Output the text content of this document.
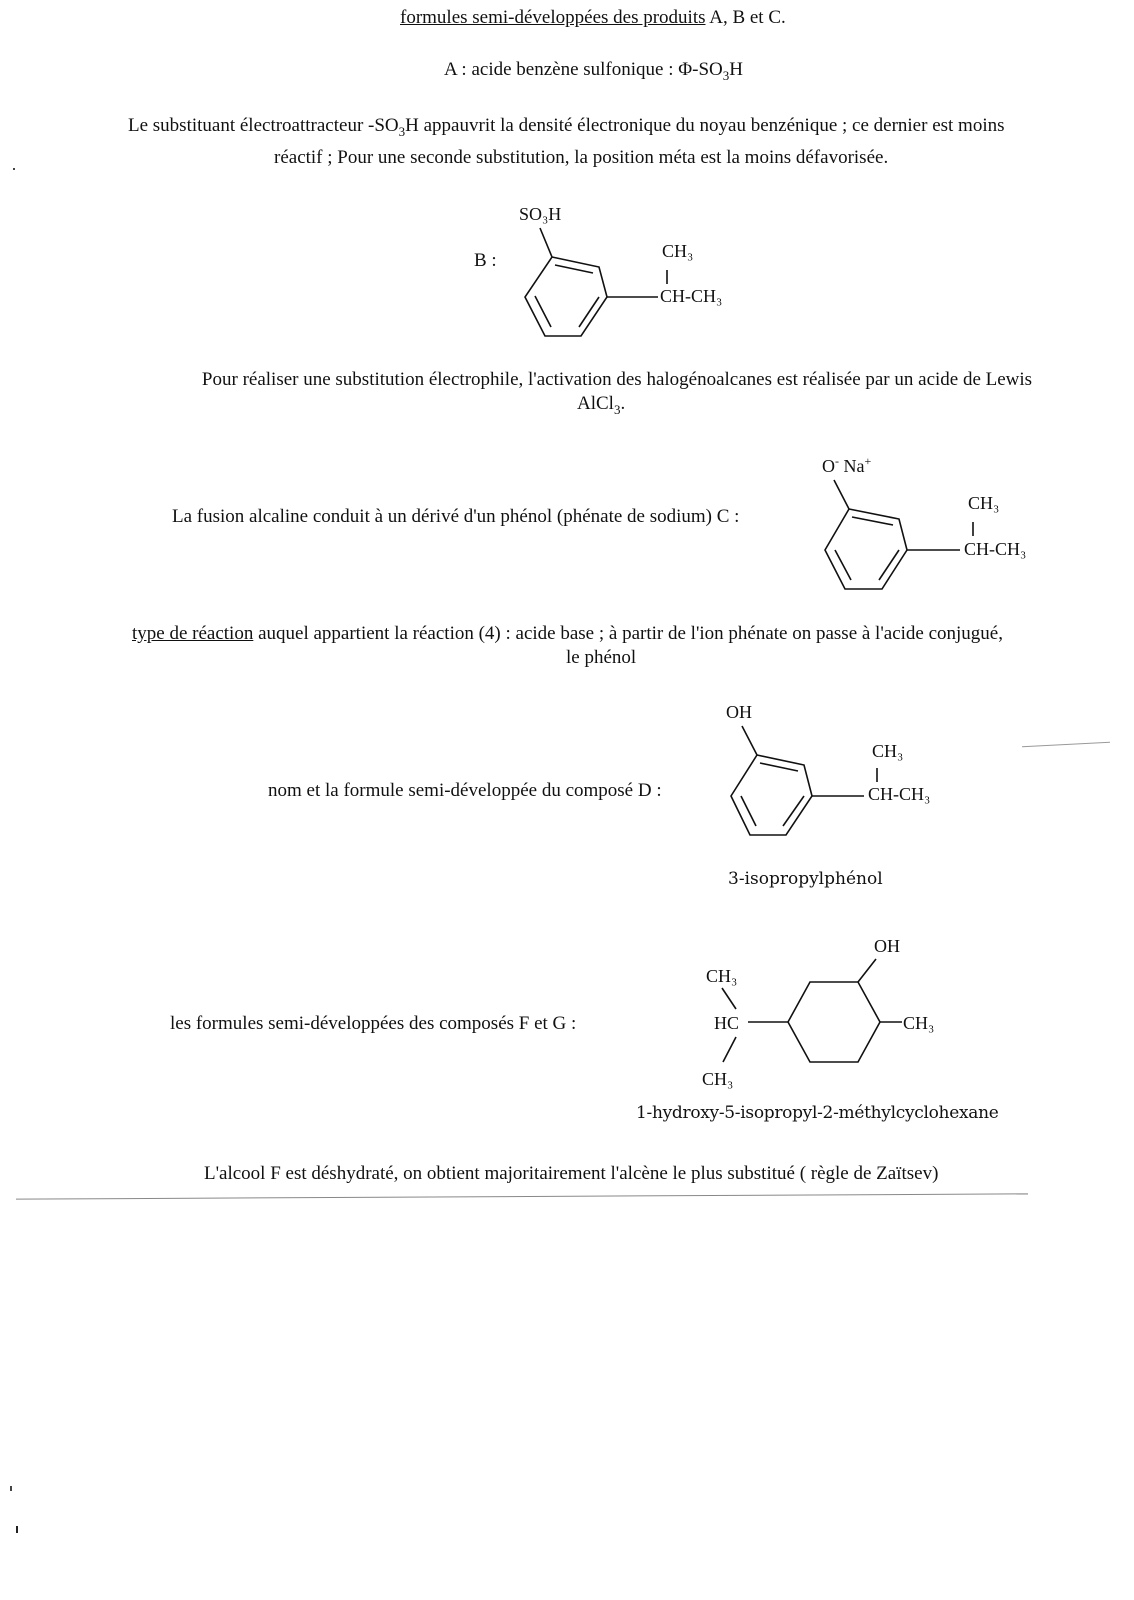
formules semi-développées des produits A, B et C.
A : acide benzène sulfonique : $\Phi-SO_3H$
Le substituant électroattracteur $-SO_3H$ appauvrit la densité électronique du noyau benzénique ; ce dernier est moins
réactif ; Pour une seconde substitution, la position méta est la moins défavorisée.
B :
SO₃H
CH₃
CH-CH₃
Pour réaliser une substitution électrophile, l'activation des halogénoalcanes est réalisée par un acide de Lewis
AlCl$_3$.
La fusion alcaline conduit à un dérivé d'un phénol (phénate de sodium) C :
O- Na+
CH₃
CH-CH₃
type de réaction auquel appartient la réaction (4) : acide base ; à partir de l'ion phénate on passe à l'acide conjugué,
le phénol
nom et la formule semi-développée du composé D :
OH
CH₃
CH-CH₃
3-isopropylphénol
les formules semi-développées des composés F et G :
OH
CH₃
HC
CH₃
CH₃
1-hydroxy-5-isopropyl-2-méthylcyclohexane
L'alcool F est déshydraté, on obtient majoritairement l'alcène le plus substitué ( règle de Zaïtsev)
